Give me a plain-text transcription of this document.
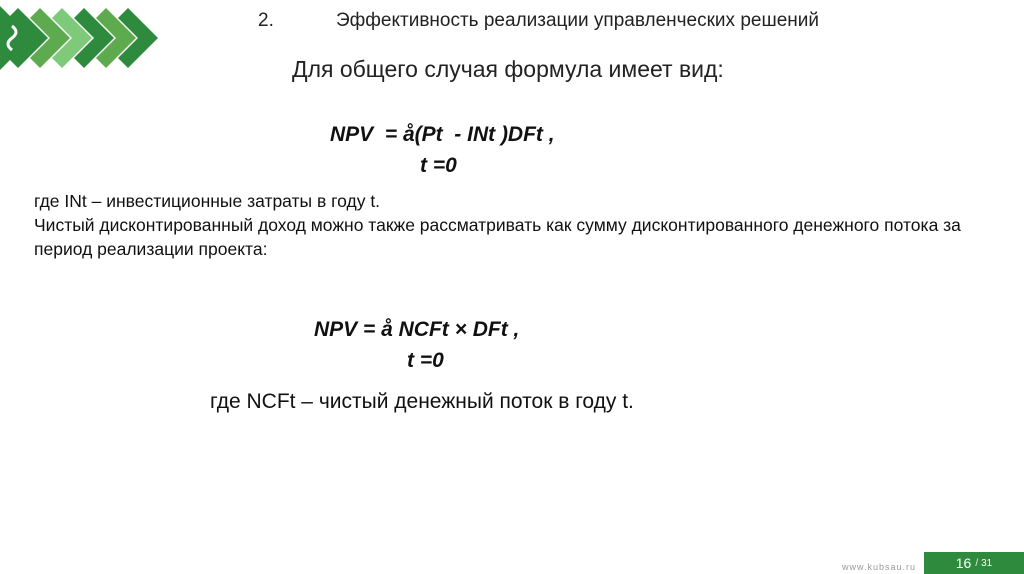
2.	Эффективность реализации управленческих решений
Для общего случая формула имеет вид:
NPV  = å(Pt  - INt )DFt ,
t =0

где INt – инвестиционные затраты в году t.

Чистый дисконтированный доход можно также рассматривать как сумму дисконтированного денежного потока за период реализации проекта:

NPV = å NCFt × DFt ,
t =0
где NCFt – чистый денежный поток в году t.
www.kubsau.ru	16 / 31
